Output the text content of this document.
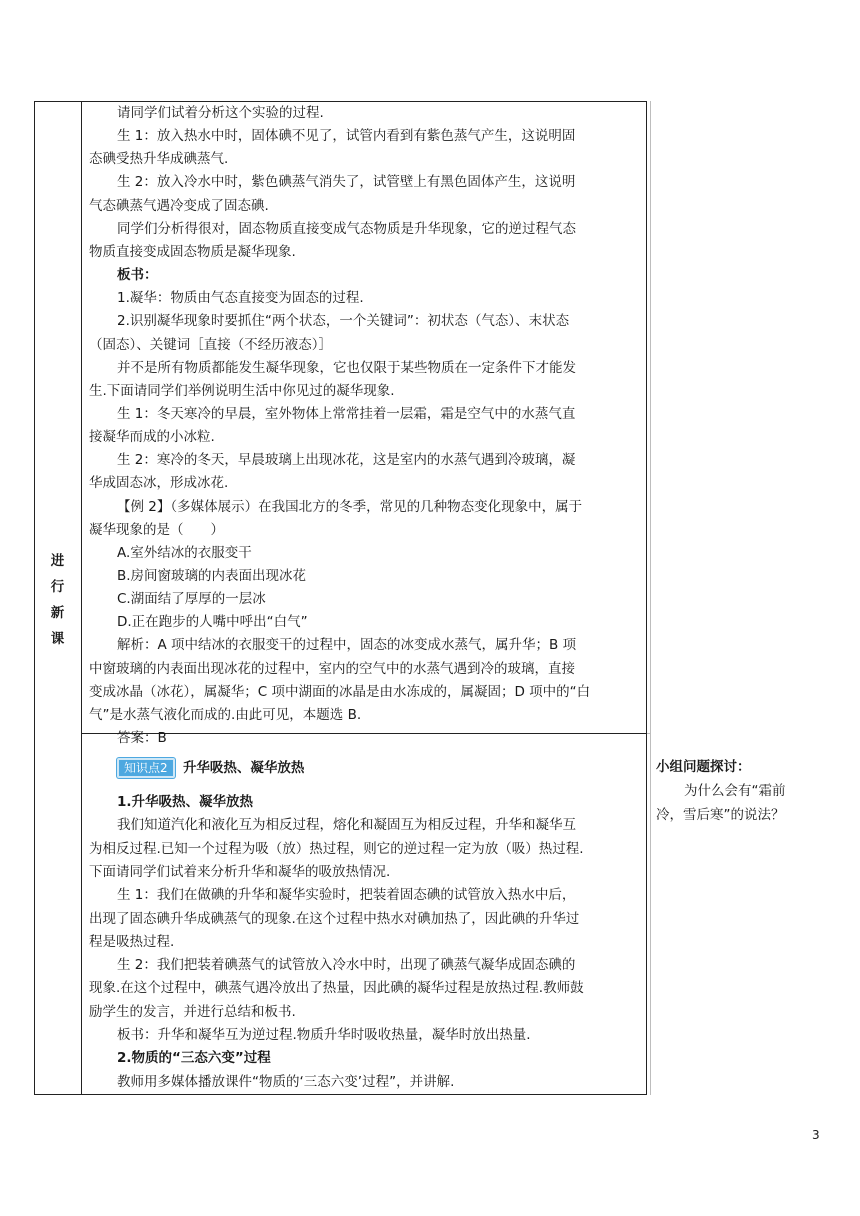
进
行
新
课
请同学们试着分析这个实验的过程.
生 1：放入热水中时，固体碘不见了，试管内看到有紫色蒸气产生，这说明固
态碘受热升华成碘蒸气.
生 2：放入冷水中时，紫色碘蒸气消失了，试管壁上有黑色固体产生，这说明
气态碘蒸气遇冷变成了固态碘.
同学们分析得很对，固态物质直接变成气态物质是升华现象，它的逆过程气态
物质直接变成固态物质是凝华现象.
板书：
1.凝华：物质由气态直接变为固态的过程.
2.识别凝华现象时要抓住“两个状态，一个关键词”：初状态（气态）、末状态
（固态）、关键词［直接（不经历液态）］
并不是所有物质都能发生凝华现象，它也仅限于某些物质在一定条件下才能发
生.下面请同学们举例说明生活中你见过的凝华现象.
生 1：冬天寒冷的早晨，室外物体上常常挂着一层霜，霜是空气中的水蒸气直
接凝华而成的小冰粒.
生 2：寒冷的冬天，早晨玻璃上出现冰花，这是室内的水蒸气遇到冷玻璃，凝
华成固态冰，形成冰花.
【例 2】（多媒体展示）在我国北方的冬季，常见的几种物态变化现象中，属于
凝华现象的是（　　）
A.室外结冰的衣服变干
B.房间窗玻璃的内表面出现冰花
C.湖面结了厚厚的一层冰
D.正在跑步的人嘴中呼出“白气”
解析：A 项中结冰的衣服变干的过程中，固态的冰变成水蒸气，属升华；B 项
中窗玻璃的内表面出现冰花的过程中，室内的空气中的水蒸气遇到冷的玻璃，直接
变成冰晶（冰花），属凝华；C 项中湖面的冰晶是由水冻成的，属凝固；D 项中的“白
气”是水蒸气液化而成的.由此可见，本题选 B.
答案：B
知识点2 升华吸热、凝华放热
1.升华吸热、凝华放热
我们知道汽化和液化互为相反过程，熔化和凝固互为相反过程，升华和凝华互
为相反过程.已知一个过程为吸（放）热过程，则它的逆过程一定为放（吸）热过程.
下面请同学们试着来分析升华和凝华的吸放热情况.
生 1：我们在做碘的升华和凝华实验时，把装着固态碘的试管放入热水中后，
出现了固态碘升华成碘蒸气的现象.在这个过程中热水对碘加热了，因此碘的升华过
程是吸热过程.
生 2：我们把装着碘蒸气的试管放入冷水中时，出现了碘蒸气凝华成固态碘的
现象.在这个过程中，碘蒸气遇冷放出了热量，因此碘的凝华过程是放热过程.教师鼓
励学生的发言，并进行总结和板书.
板书：升华和凝华互为逆过程.物质升华时吸收热量，凝华时放出热量.
2.物质的“三态六变”过程
教师用多媒体播放课件“物质的‘三态六变’过程”，并讲解.
小组问题探讨：
为什么会有“霜前
冷，雪后寒”的说法？
3
